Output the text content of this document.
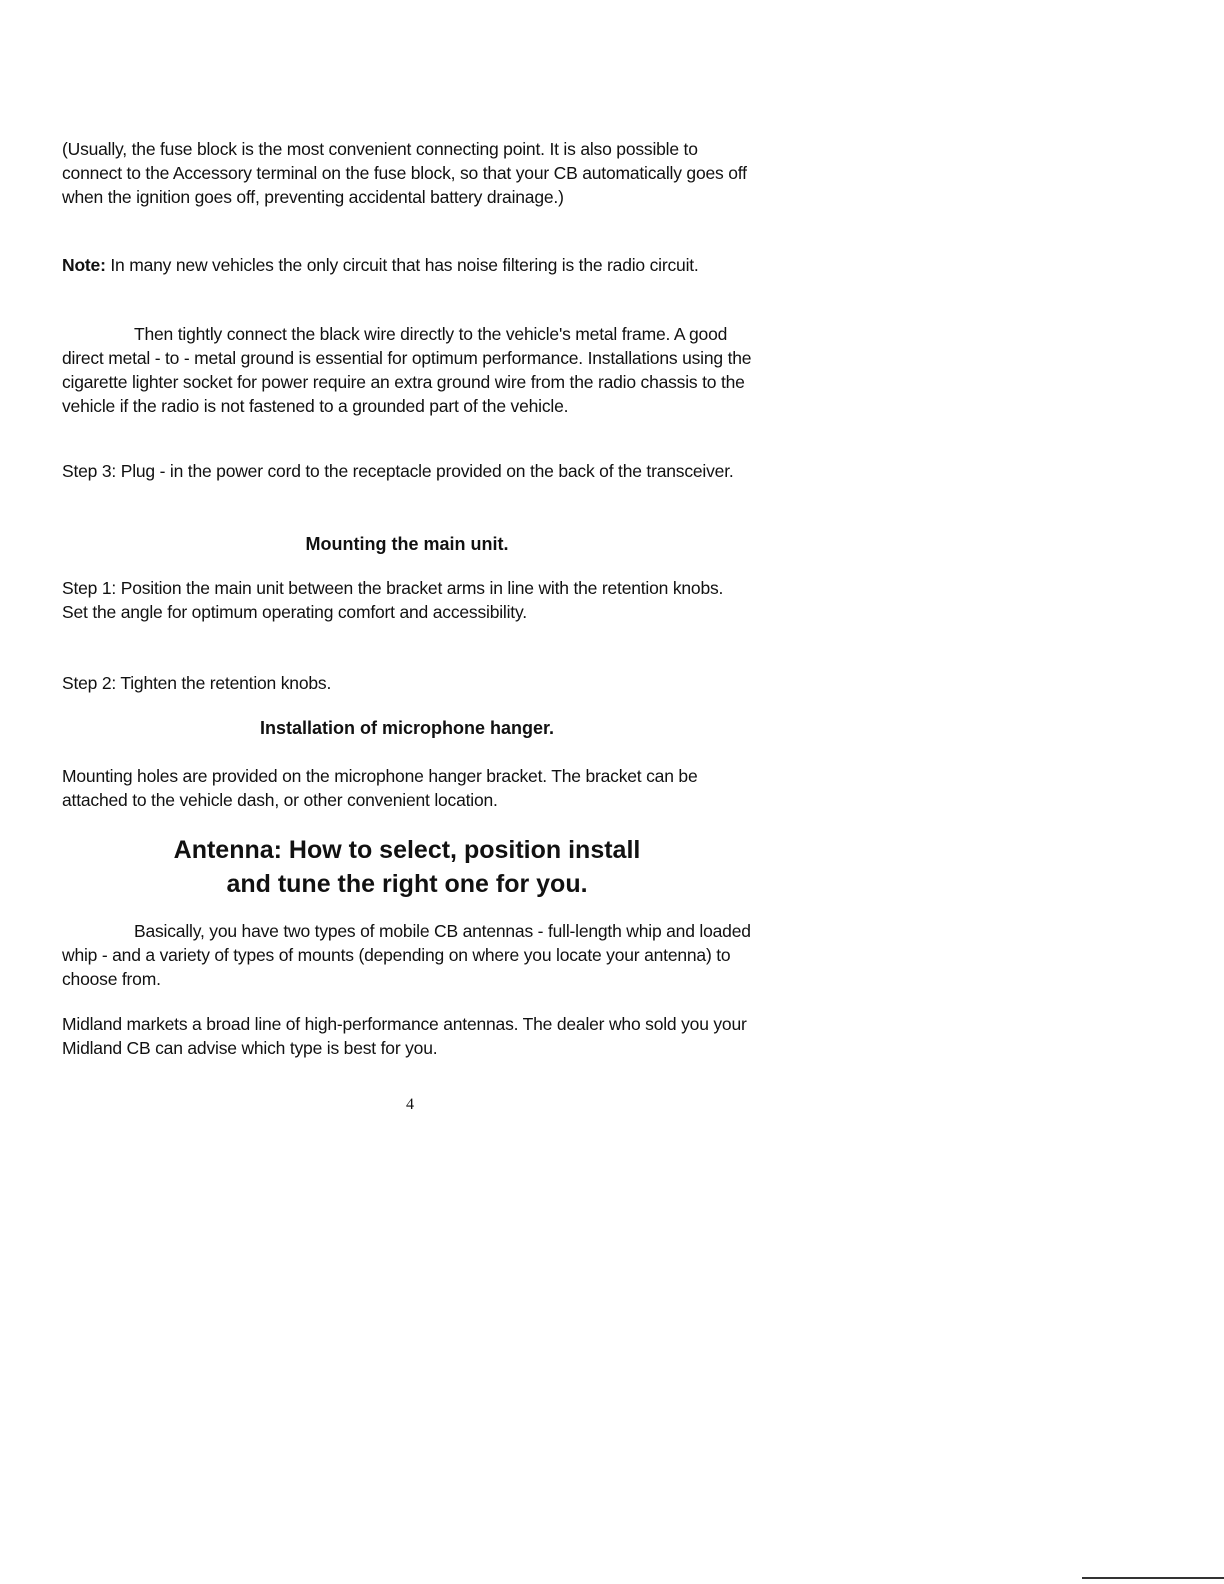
(Usually, the fuse block is the most convenient connecting point. It is also possible to connect to the Accessory terminal on the fuse block, so that your CB automatically goes off when the ignition goes off, preventing accidental battery drainage.)

Note: In many new vehicles the only circuit that has noise filtering is the radio circuit.

Then tightly connect the black wire directly to the vehicle's metal frame. A good direct metal - to - metal ground is essential for optimum performance. Installations using the cigarette lighter socket for power require an extra ground wire from the radio chassis to the vehicle if the radio is not fastened to a grounded part of the vehicle.

Step 3: Plug - in the power cord to the receptacle provided on the back of the transceiver.

Mounting the main unit.

Step 1: Position the main unit between the bracket arms in line with the retention knobs. Set the angle for optimum operating comfort and accessibility.

Step 2: Tighten the retention knobs.

Installation of microphone hanger.

Mounting holes are provided on the microphone hanger bracket. The bracket can be attached to the vehicle dash, or other convenient location.

Antenna: How to select, position install
and tune the right one for you.

Basically, you have two types of mobile CB antennas - full-length whip and loaded whip - and a variety of types of mounts (depending on where you locate your antenna) to choose from.

Midland markets a broad line of high-performance antennas. The dealer who sold you your Midland CB can advise which type is best for you.

4
